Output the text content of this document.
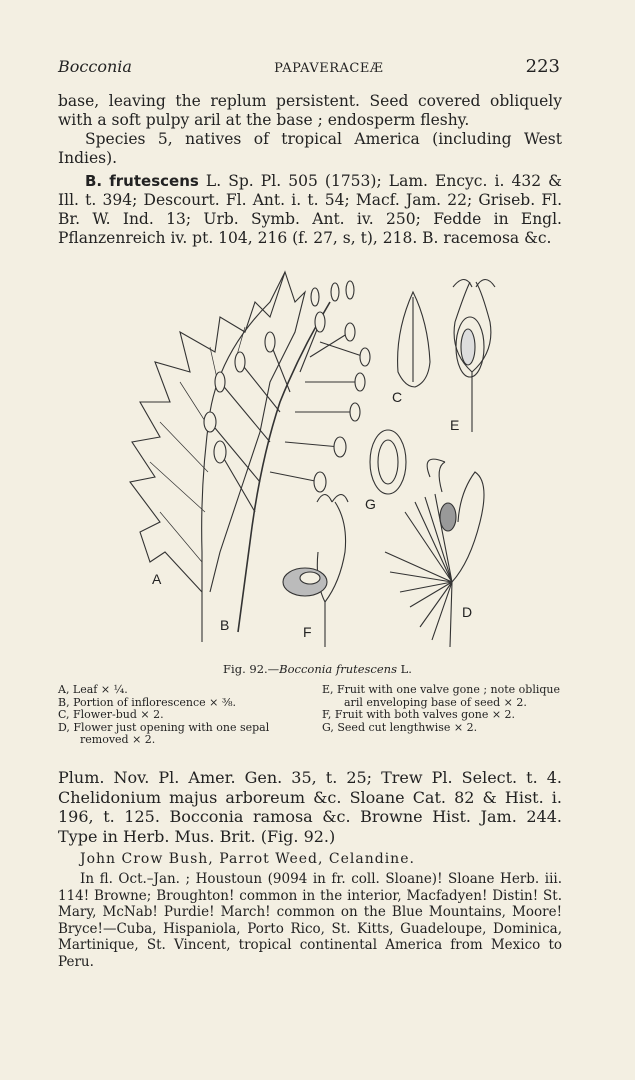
Bocconia	PAPAVERACEÆ	223
base, leaving the replum persistent. Seed covered obliquely with a soft pulpy aril at the base ; endosperm fleshy.
Species 5, natives of tropical America (including West Indies).
B. frutescens L. Sp. Pl. 505 (1753); Lam. Encyc. i. 432 & Ill. t. 394; Descourt. Fl. Ant. i. t. 54; Macf. Jam. 22; Griseb. Fl. Br. W. Ind. 13; Urb. Symb. Ant. iv. 250; Fedde in Engl. Pflanzenreich iv. pt. 104, 216 (f. 27, s, t), 218. B. racemosa &c.
A
B
C
D
E
F
G
Fig. 92.—Bocconia frutescens L.
A, Leaf × ¼.
B, Portion of inflorescence × ⅜.
C, Flower-bud × 2.
D, Flower just opening with one sepal
removed × 2.
E, Fruit with one valve gone ; note oblique
aril enveloping base of seed × 2.
F, Fruit with both valves gone × 2.
G, Seed cut lengthwise × 2.
Plum. Nov. Pl. Amer. Gen. 35, t. 25; Trew Pl. Select. t. 4. Chelidonium majus arboreum &c. Sloane Cat. 82 & Hist. i. 196, t. 125. Bocconia ramosa &c. Browne Hist. Jam. 244. Type in Herb. Mus. Brit. (Fig. 92.)
John Crow Bush, Parrot Weed, Celandine.
In fl. Oct.–Jan. ; Houstoun (9094 in fr. coll. Sloane)! Sloane Herb. iii. 114! Browne; Broughton! common in the interior, Macfadyen! Distin! St. Mary, McNab! Purdie! March! common on the Blue Mountains, Moore! Bryce!—Cuba, Hispaniola, Porto Rico, St. Kitts, Guadeloupe, Dominica, Martinique, St. Vincent, tropical continental America from Mexico to Peru.
